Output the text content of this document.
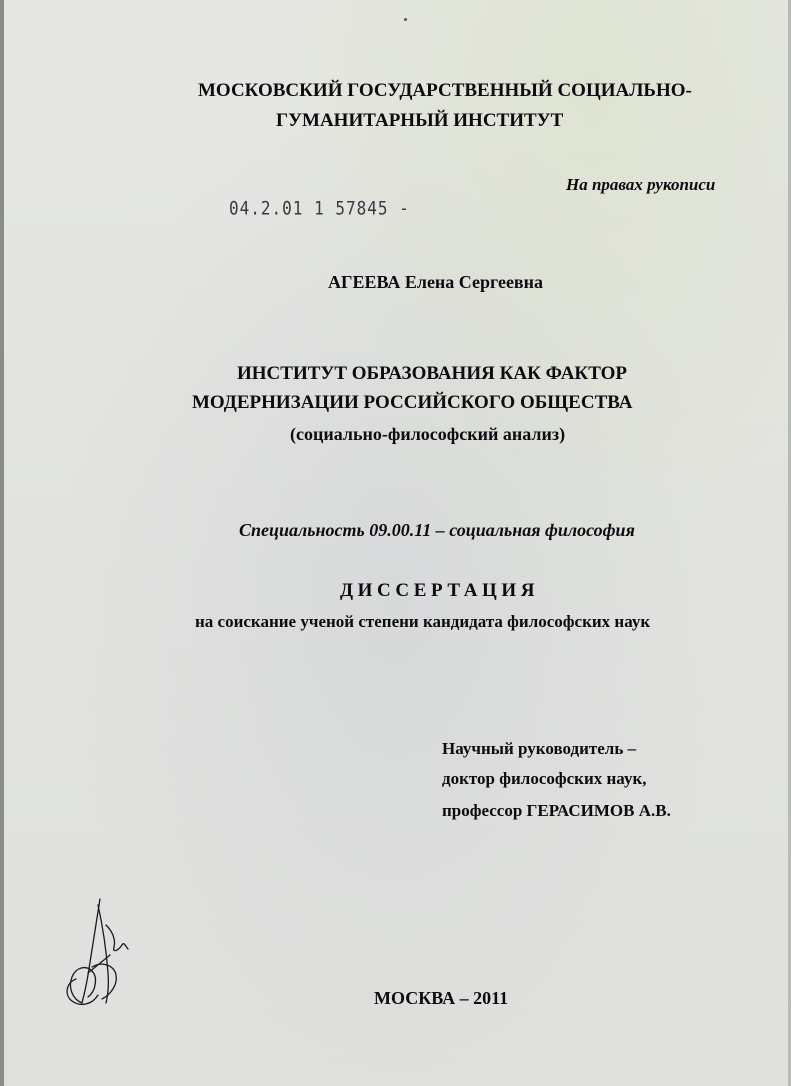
МОСКОВСКИЙ ГОСУДАРСТВЕННЫЙ СОЦИАЛЬНО-
ГУМАНИТАРНЫЙ ИНСТИТУТ
На правах рукописи
04.2.01 1 57845 -
АГЕЕВА Елена Сергеевна
ИНСТИТУТ ОБРАЗОВАНИЯ КАК ФАКТОР
МОДЕРНИЗАЦИИ РОССИЙСКОГО ОБЩЕСТВА
(социально-философский анализ)
Специальность 09.00.11 – социальная философия
ДИССЕРТАЦИЯ
на соискание ученой степени кандидата философских наук
Научный руководитель –
доктор философских наук,
профессор ГЕРАСИМОВ А.В.
МОСКВА – 2011
